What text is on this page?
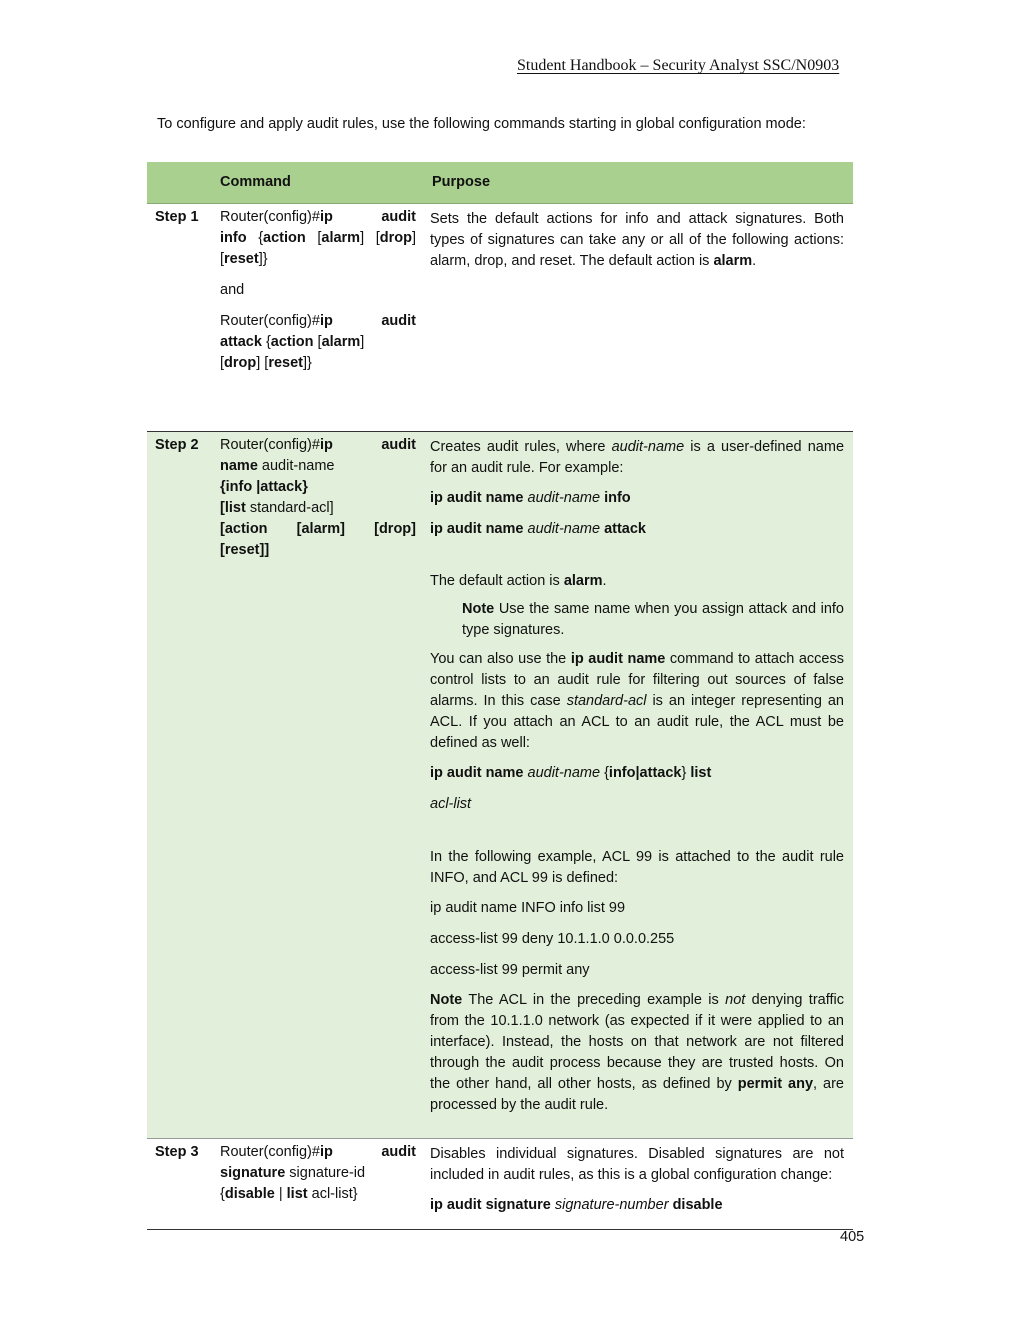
Student Handbook – Security Analyst SSC/N0903
To configure and apply audit rules, use the following commands starting in global configuration mode:
Command	Purpose
Step 1 Router(config)#ip audit

info {action [alarm] [drop]

[reset]}

and

Router(config)#ip audit

attack {action [alarm]

[drop] [reset]}

Sets the default actions for info and attack signatures. Both types of signatures can take any or all of the following actions: alarm, drop, and reset. The default action is alarm.

Step 2 Router(config)#ip audit

name audit-name

{info |attack}

[list standard-acl]

[action [alarm] [drop]

[reset]]

Creates audit rules, where audit-name is a user-defined name for an audit rule. For example:

ip audit name audit-name info

ip audit name audit-name attack

The default action is alarm.

Note Use the same name when you assign attack and info type signatures.

You can also use the ip audit name command to attach access control lists to an audit rule for filtering out sources of false alarms. In this case standard-acl is an integer representing an ACL. If you attach an ACL to an audit rule, the ACL must be defined as well:

ip audit name audit-name {info|attack} list

acl-list

In the following example, ACL 99 is attached to the audit rule INFO, and ACL 99 is defined:

ip audit name INFO info list 99

access-list 99 deny 10.1.1.0 0.0.0.255

access-list 99 permit any

Note The ACL in the preceding example is not denying traffic from the 10.1.1.0 network (as expected if it were applied to an interface). Instead, the hosts on that network are not filtered through the audit process because they are trusted hosts. On the other hand, all other hosts, as defined by permit any, are processed by the audit rule.

Step 3 Router(config)#ip audit

signature signature-id

{disable | list acl-list}

Disables individual signatures. Disabled signatures are not included in audit rules, as this is a global configuration change:

ip audit signature signature-number disable

405
